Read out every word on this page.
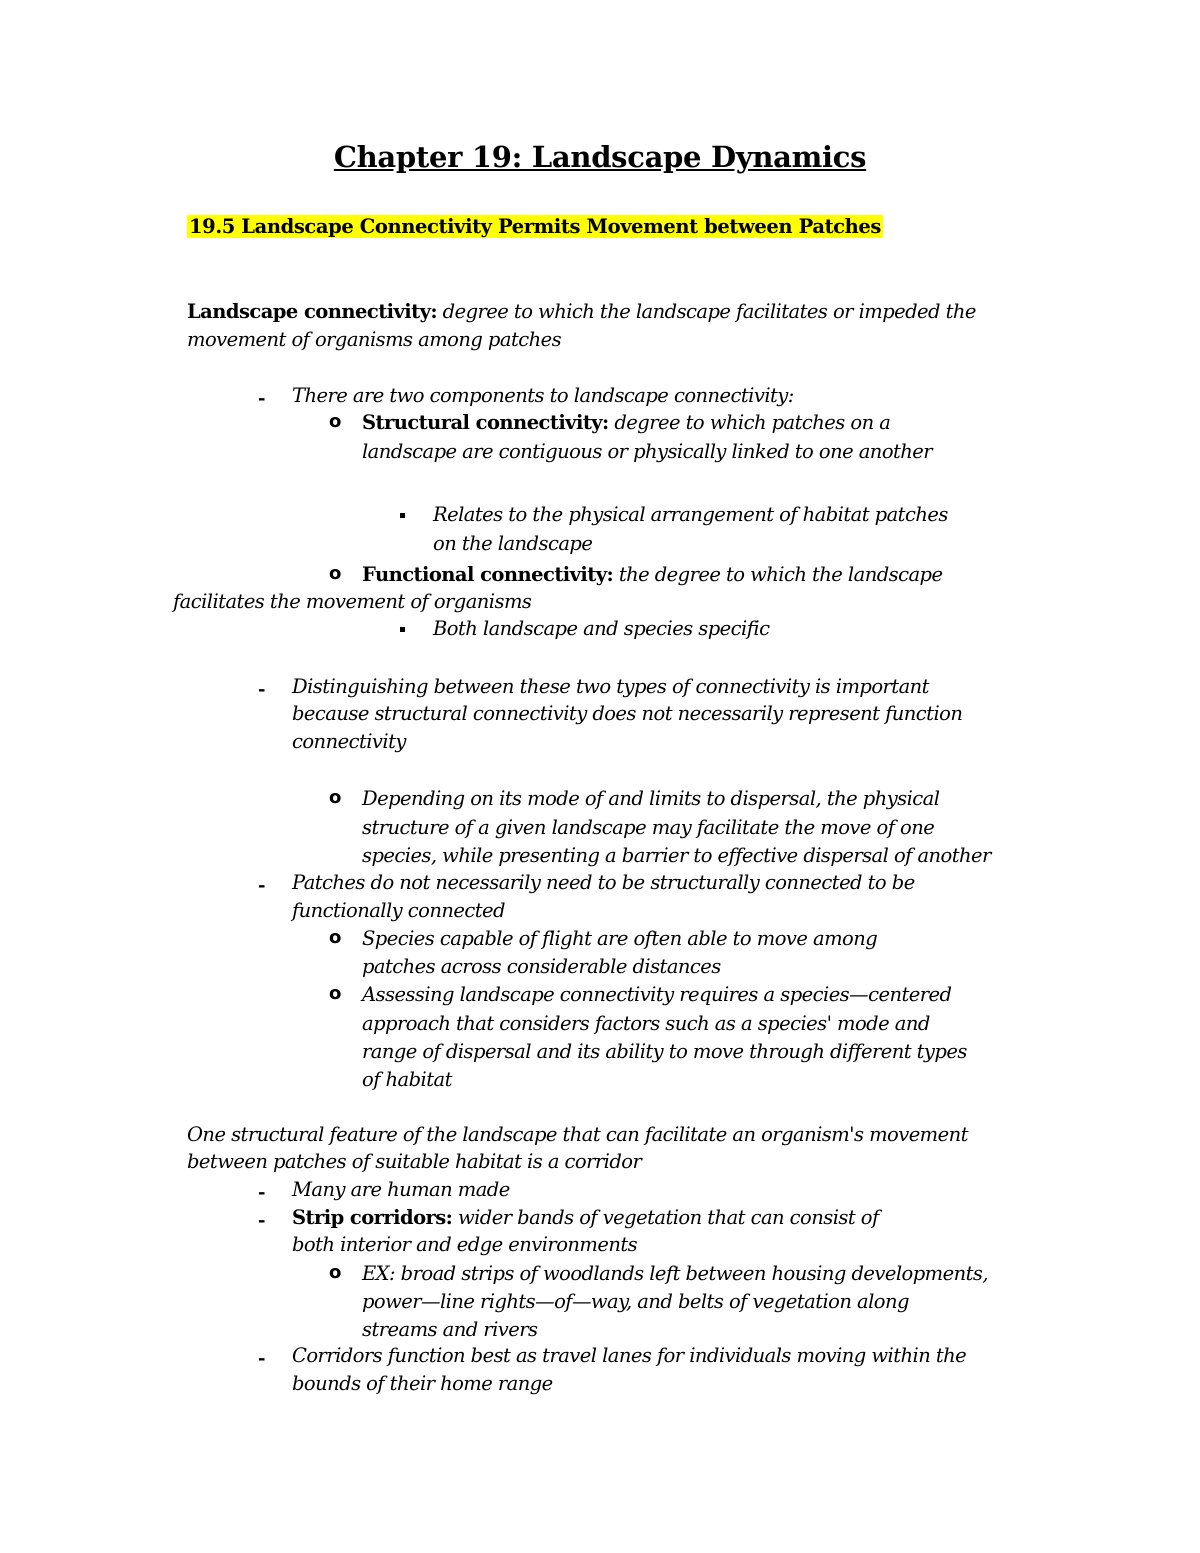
Chapter 19: Landscape Dynamics
19.5 Landscape Connectivity Permits Movement between Patches
Landscape connectivity: degree to which the landscape facilitates or impeded the
movement of organisms among patches
- There are two components to landscape connectivity:
o Structural connectivity: degree to which patches on a
landscape are contiguous or physically linked to one another
Relates to the physical arrangement of habitat patches
on the landscape
o Functional connectivity: the degree to which the landscape
facilitates the movement of organisms
Both landscape and species specific
- Distinguishing between these two types of connectivity is important
because structural connectivity does not necessarily represent function
connectivity
o Depending on its mode of and limits to dispersal, the physical
structure of a given landscape may facilitate the move of one
species, while presenting a barrier to effective dispersal of another
- Patches do not necessarily need to be structurally connected to be
functionally connected
o Species capable of flight are often able to move among
patches across considerable distances
o Assessing landscape connectivity requires a species—centered
approach that considers factors such as a species' mode and
range of dispersal and its ability to move through different types
of habitat
One structural feature of the landscape that can facilitate an organism's movement
between patches of suitable habitat is a corridor
- Many are human made
- Strip corridors: wider bands of vegetation that can consist of
both interior and edge environments
o EX: broad strips of woodlands left between housing developments,
power—line rights—of—way, and belts of vegetation along
streams and rivers
- Corridors function best as travel lanes for individuals moving within the
bounds of their home range
